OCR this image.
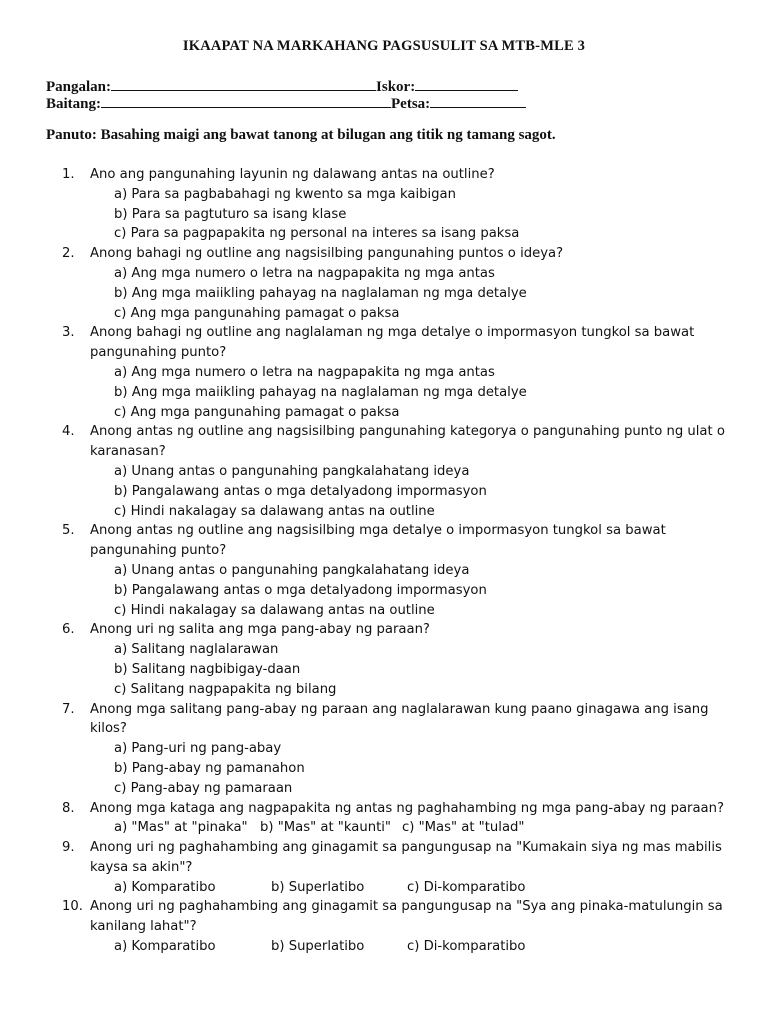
IKAAPAT NA MARKAHANG PAGSUSULIT SA MTB-MLE 3
Pangalan:	Iskor:
Baitang:	Petsa:
Panuto: Basahing maigi ang bawat tanong at bilugan ang titik ng tamang sagot.
1.	Ano ang pangunahing layunin ng dalawang antas na outline?
a) Para sa pagbabahagi ng kwento sa mga kaibigan
b) Para sa pagtuturo sa isang klase
c) Para sa pagpapakita ng personal na interes sa isang paksa
2.	Anong bahagi ng outline ang nagsisilbing pangunahing puntos o ideya?
a) Ang mga numero o letra na nagpapakita ng mga antas
b) Ang mga maiikling pahayag na naglalaman ng mga detalye
c) Ang mga pangunahing pamagat o paksa
3.	Anong bahagi ng outline ang naglalaman ng mga detalye o impormasyon tungkol sa bawat pangunahing punto?
a) Ang mga numero o letra na nagpapakita ng mga antas
b) Ang mga maiikling pahayag na naglalaman ng mga detalye
c) Ang mga pangunahing pamagat o paksa
4.	Anong antas ng outline ang nagsisilbing pangunahing kategorya o pangunahing punto ng ulat o karanasan?
a) Unang antas o pangunahing pangkalahatang ideya
b) Pangalawang antas o mga detalyadong impormasyon
c) Hindi nakalagay sa dalawang antas na outline
5.	Anong antas ng outline ang nagsisilbing mga detalye o impormasyon tungkol sa bawat pangunahing punto?
a) Unang antas o pangunahing pangkalahatang ideya
b) Pangalawang antas o mga detalyadong impormasyon
c) Hindi nakalagay sa dalawang antas na outline
6.	Anong uri ng salita ang mga pang-abay ng paraan?
a) Salitang naglalarawan
b) Salitang nagbibigay-daan
c) Salitang nagpapakita ng bilang
7.	Anong mga salitang pang-abay ng paraan ang naglalarawan kung paano ginagawa ang isang kilos?
a) Pang-uri ng pang-abay
b) Pang-abay ng pamanahon
c) Pang-abay ng pamaraan
8.	Anong mga kataga ang nagpapakita ng antas ng paghahambing ng mga pang-abay ng paraan?
a) "Mas" at "pinaka" b) "Mas" at "kaunti" c) "Mas" at "tulad"
9.	Anong uri ng paghahambing ang ginagamit sa pangungusap na "Kumakain siya ng mas mabilis kaysa sa akin"?
a) Komparatibo	b) Superlatibo	c) Di-komparatibo
10. Anong uri ng paghahambing ang ginagamit sa pangungusap na "Sya ang pinaka-matulungin sa kanilang lahat"?
a) Komparatibo	b) Superlatibo	c) Di-komparatibo
